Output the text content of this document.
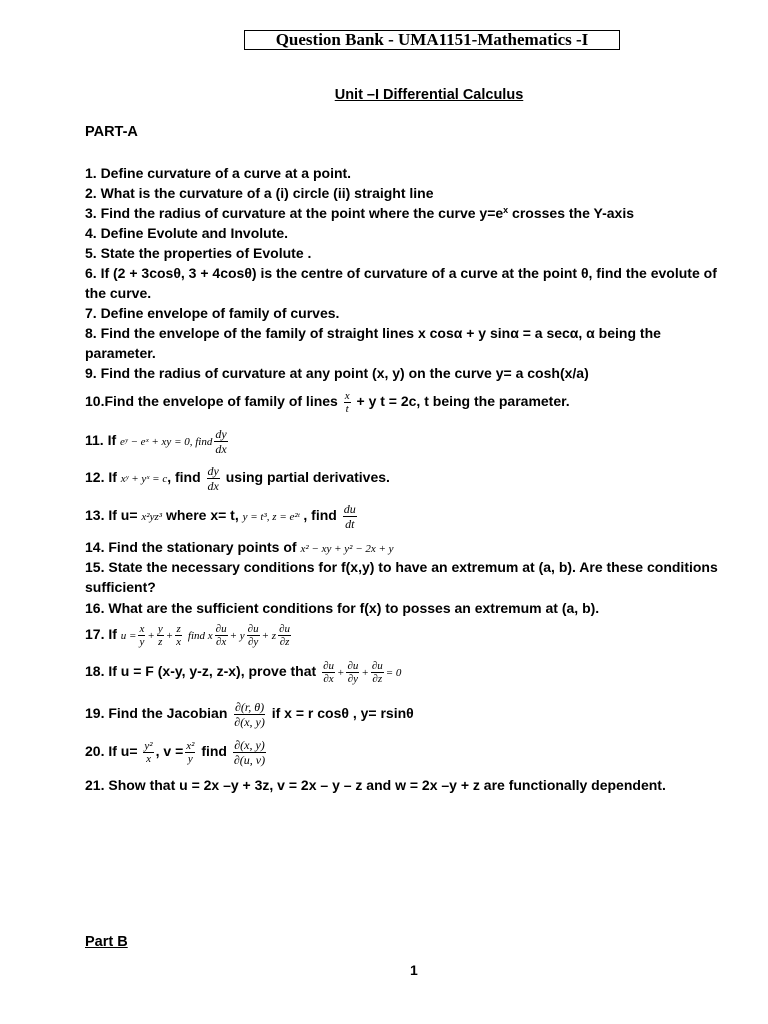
Question Bank - UMA1151-Mathematics -I
Unit –I Differential Calculus
PART-A
1. Define curvature of a curve at a point.
2. What is the curvature of a (i) circle (ii) straight line
3. Find the radius of curvature at the point where the curve $y=e^x$ crosses the Y-axis
4. Define Evolute and Involute.
5. State the properties of Evolute .
6. If (2 + 3cosθ, 3 + 4cosθ) is the centre of curvature of a curve at the point θ, find the evolute of the curve.
7. Define envelope of family of curves.
8. Find the envelope of the family of straight lines x cosα + y sinα = a secα, α being the parameter.
9. Find the radius of curvature at any point (x, y) on the curve y= a cosh(x/a)
10.Find the envelope of family of lines $\frac{x}{t} + y$ t = 2c, t being the parameter.
11. If eʸ − eˣ + xy = 0, find $\frac{dy}{dx}$
12. If xʸ + yˣ = c, find $\frac{dy}{dx}$ using partial derivatives.
13. If u= x²yz³ where x= t, y = t³, z = e²ᵗ , find $\frac{du}{dt}$
14. Find the stationary points of x² − xy + y² − 2x + y
15. State the necessary conditions for f(x,y) to have an extremum at (a, b). Are these conditions sufficient?
16. What are the sufficient conditions for f(x) to posses an extremum at (a, b).
17. If $u = \frac{x}{y} + \frac{y}{z} + \frac{z}{x}$ find x $\frac{\partial u}{\partial x} + y \frac{\partial u}{\partial y} + z \frac{\partial u}{\partial z}$
18. If u = F (x-y, y-z, z-x), prove that $\frac{\partial u}{\partial x} + \frac{\partial u}{\partial y} + \frac{\partial u}{\partial z} = 0$
19. Find the Jacobian $\frac{\partial(r, \theta)}{\partial(x, y)}$ if x = r cosθ , y= rsinθ
20. If $u= \frac{\text{y²}}{x}$ , $v = \frac{\text{x²}}{y}$ find $\frac{\partial(x, y)}{\partial(u, v)}$
21. Show that u = 2x –y + 3z, v = 2x – y – z and w = 2x –y + z are functionally dependent.
Part B
1
